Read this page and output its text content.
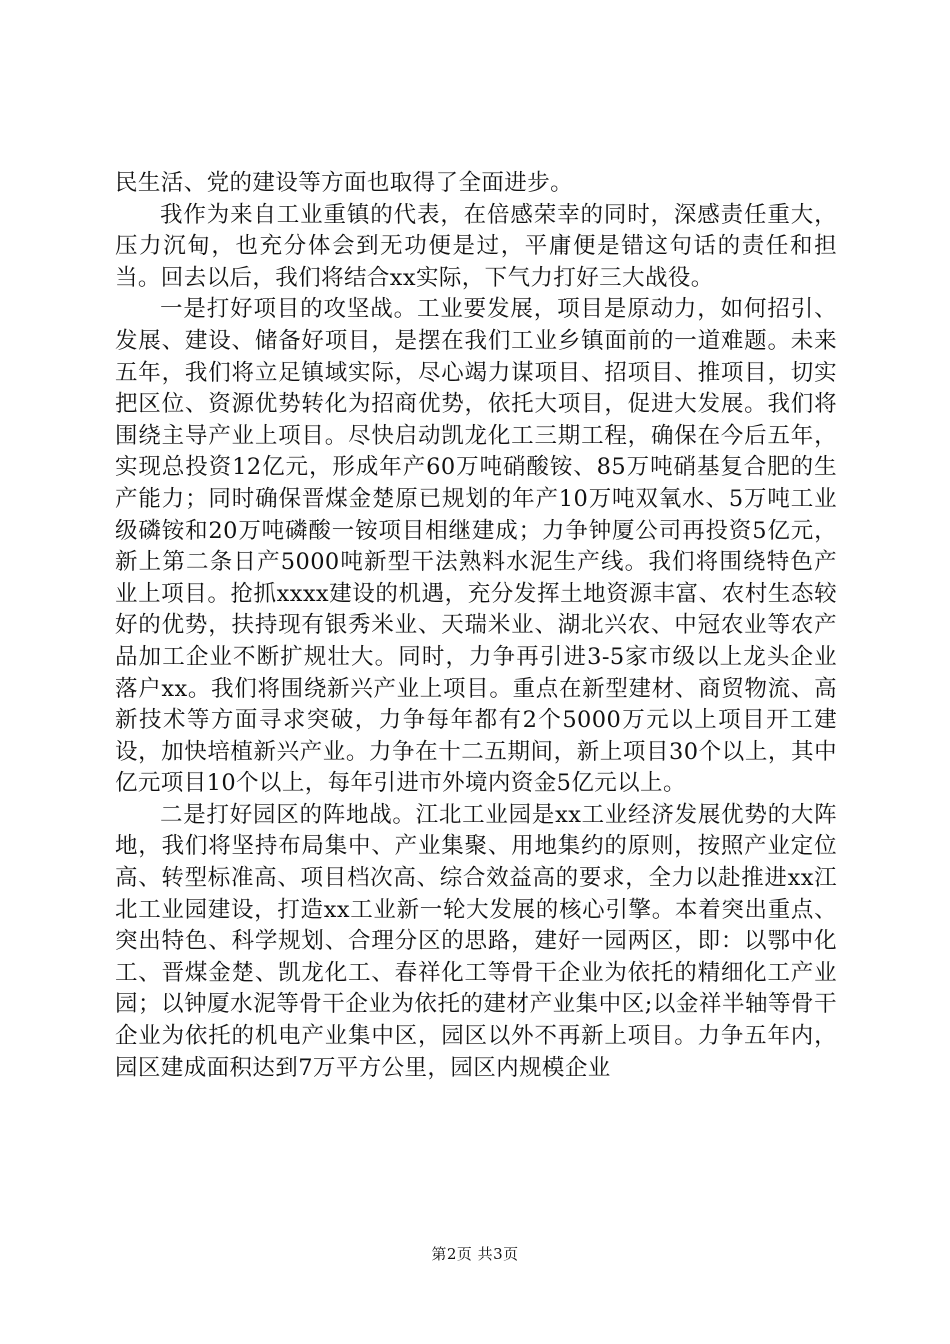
民生活、党的建设等方面也取得了全面进步。

我作为来自工业重镇的代表，在倍感荣幸的同时，深感责任重大，压力沉甸，也充分体会到无功便是过，平庸便是错这句话的责任和担当。回去以后，我们将结合xx实际，下气力打好三大战役。

一是打好项目的攻坚战。工业要发展，项目是原动力，如何招引、发展、建设、储备好项目，是摆在我们工业乡镇面前的一道难题。未来五年，我们将立足镇域实际，尽心竭力谋项目、招项目、推项目，切实把区位、资源优势转化为招商优势，依托大项目，促进大发展。我们将围绕主导产业上项目。尽快启动凯龙化工三期工程，确保在今后五年，实现总投资12亿元，形成年产60万吨硝酸铵、85万吨硝基复合肥的生产能力；同时确保晋煤金楚原已规划的年产10万吨双氧水、5万吨工业级磷铵和20万吨磷酸一铵项目相继建成；力争钟厦公司再投资5亿元，新上第二条日产5000吨新型干法熟料水泥生产线。我们将围绕特色产业上项目。抢抓xxxx建设的机遇，充分发挥土地资源丰富、农村生态较好的优势，扶持现有银秀米业、天瑞米业、湖北兴农、中冠农业等农产品加工企业不断扩规壮大。同时，力争再引进3-5家市级以上龙头企业落户xx。我们将围绕新兴产业上项目。重点在新型建材、商贸物流、高新技术等方面寻求突破，力争每年都有2个5000万元以上项目开工建设，加快培植新兴产业。力争在十二五期间，新上项目30个以上，其中亿元项目10个以上，每年引进市外境内资金5亿元以上。

二是打好园区的阵地战。江北工业园是xx工业经济发展优势的大阵地，我们将坚持布局集中、产业集聚、用地集约的原则，按照产业定位高、转型标准高、项目档次高、综合效益高的要求，全力以赴推进xx江北工业园建设，打造xx工业新一轮大发展的核心引擎。本着突出重点、突出特色、科学规划、合理分区的思路，建好一园两区，即：以鄂中化工、晋煤金楚、凯龙化工、春祥化工等骨干企业为依托的精细化工产业园；以钟厦水泥等骨干企业为依托的建材产业集中区;以金祥半轴等骨干企业为依托的机电产业集中区，园区以外不再新上项目。力争五年内，园区建成面积达到7万平方公里，园区内规模企业

第2页 共3页
